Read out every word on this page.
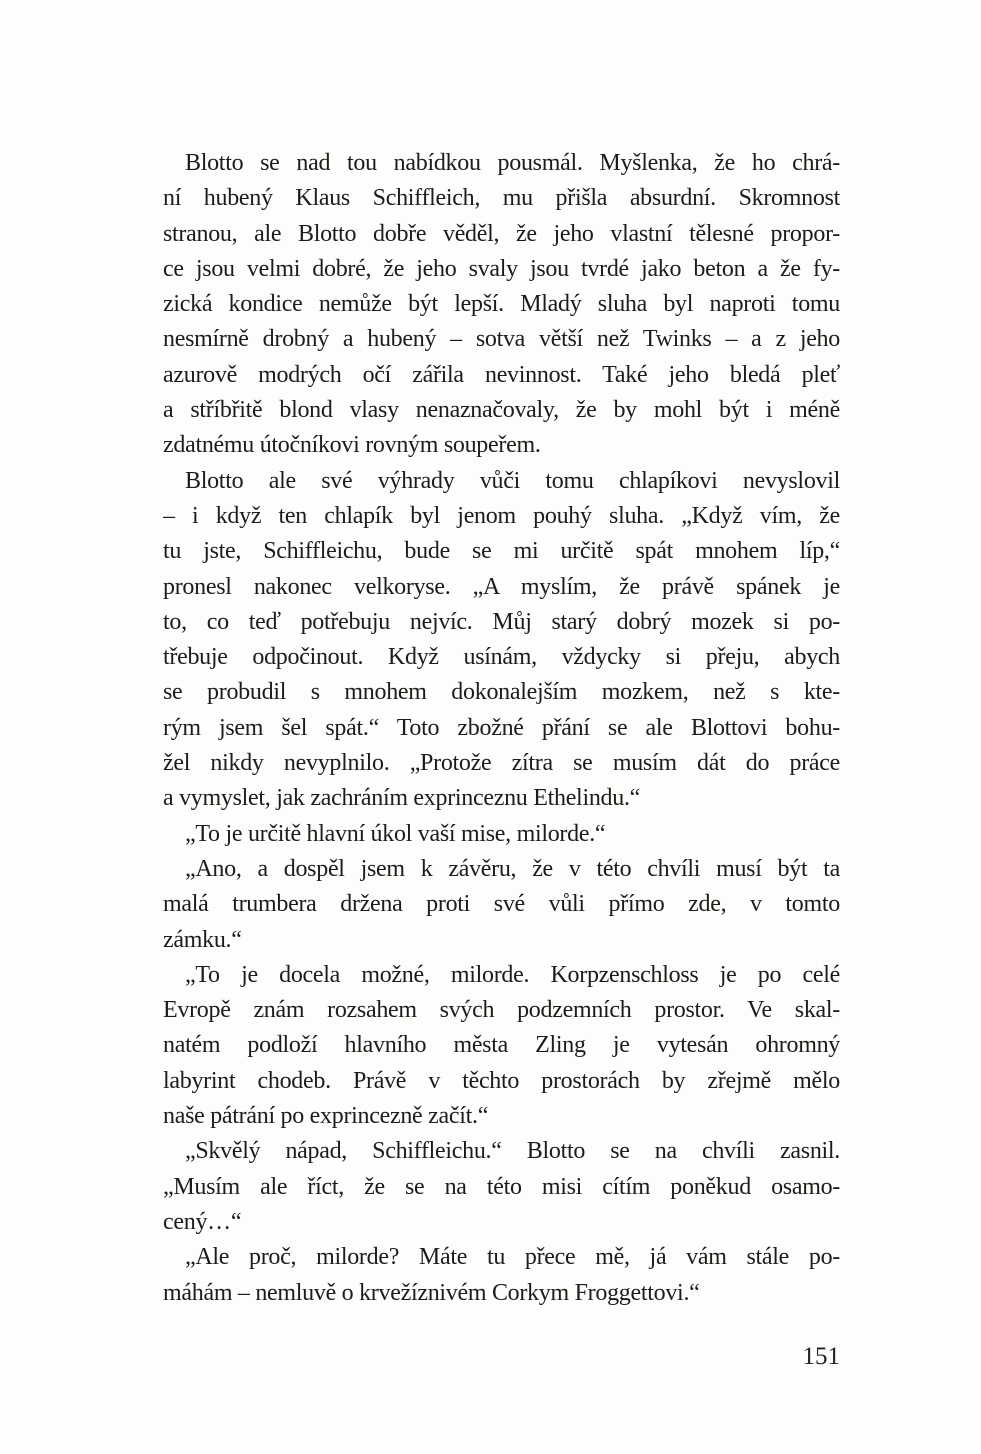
Blotto se nad tou nabídkou pousmál. Myšlenka, že ho chrá-
ní hubený Klaus Schiffleich, mu přišla absurdní. Skromnost
stranou, ale Blotto dobře věděl, že jeho vlastní tělesné propor-
ce jsou velmi dobré, že jeho svaly jsou tvrdé jako beton a že fy-
zická kondice nemůže být lepší. Mladý sluha byl naproti tomu
nesmírně drobný a hubený – sotva větší než Twinks – a z jeho
azurově modrých očí zářila nevinnost. Také jeho bledá pleť
a stříbřitě blond vlasy nenaznačovaly, že by mohl být i méně
zdatnému útočníkovi rovným soupeřem.
Blotto ale své výhrady vůči tomu chlapíkovi nevyslovil
– i když ten chlapík byl jenom pouhý sluha. „Když vím, že
tu jste, Schiffleichu, bude se mi určitě spát mnohem líp,“
pronesl nakonec velkoryse. „A myslím, že právě spánek je
to, co teď potřebuju nejvíc. Můj starý dobrý mozek si po-
třebuje odpočinout. Když usínám, vždycky si přeju, abych
se probudil s mnohem dokonalejším mozkem, než s kte-
rým jsem šel spát.“ Toto zbožné přání se ale Blottovi bohu-
žel nikdy nevyplnilo. „Protože zítra se musím dát do práce
a vymyslet, jak zachráním exprinceznu Ethelindu.“
„To je určitě hlavní úkol vaší mise, milorde.“
„Ano, a dospěl jsem k závěru, že v této chvíli musí být ta
malá trumbera držena proti své vůli přímo zde, v tomto
zámku.“
„To je docela možné, milorde. Korpzenschloss je po celé
Evropě znám rozsahem svých podzemních prostor. Ve skal-
natém podloží hlavního města Zling je vytesán ohromný
labyrint chodeb. Právě v těchto prostorách by zřejmě mělo
naše pátrání po exprincezně začít.“
„Skvělý nápad, Schiffleichu.“ Blotto se na chvíli zasnil.
„Musím ale říct, že se na této misi cítím poněkud osamo-
cený…“
„Ale proč, milorde? Máte tu přece mě, já vám stále po-
máhám – nemluvě o krvežíznivém Corkym Froggettovi.“
151
